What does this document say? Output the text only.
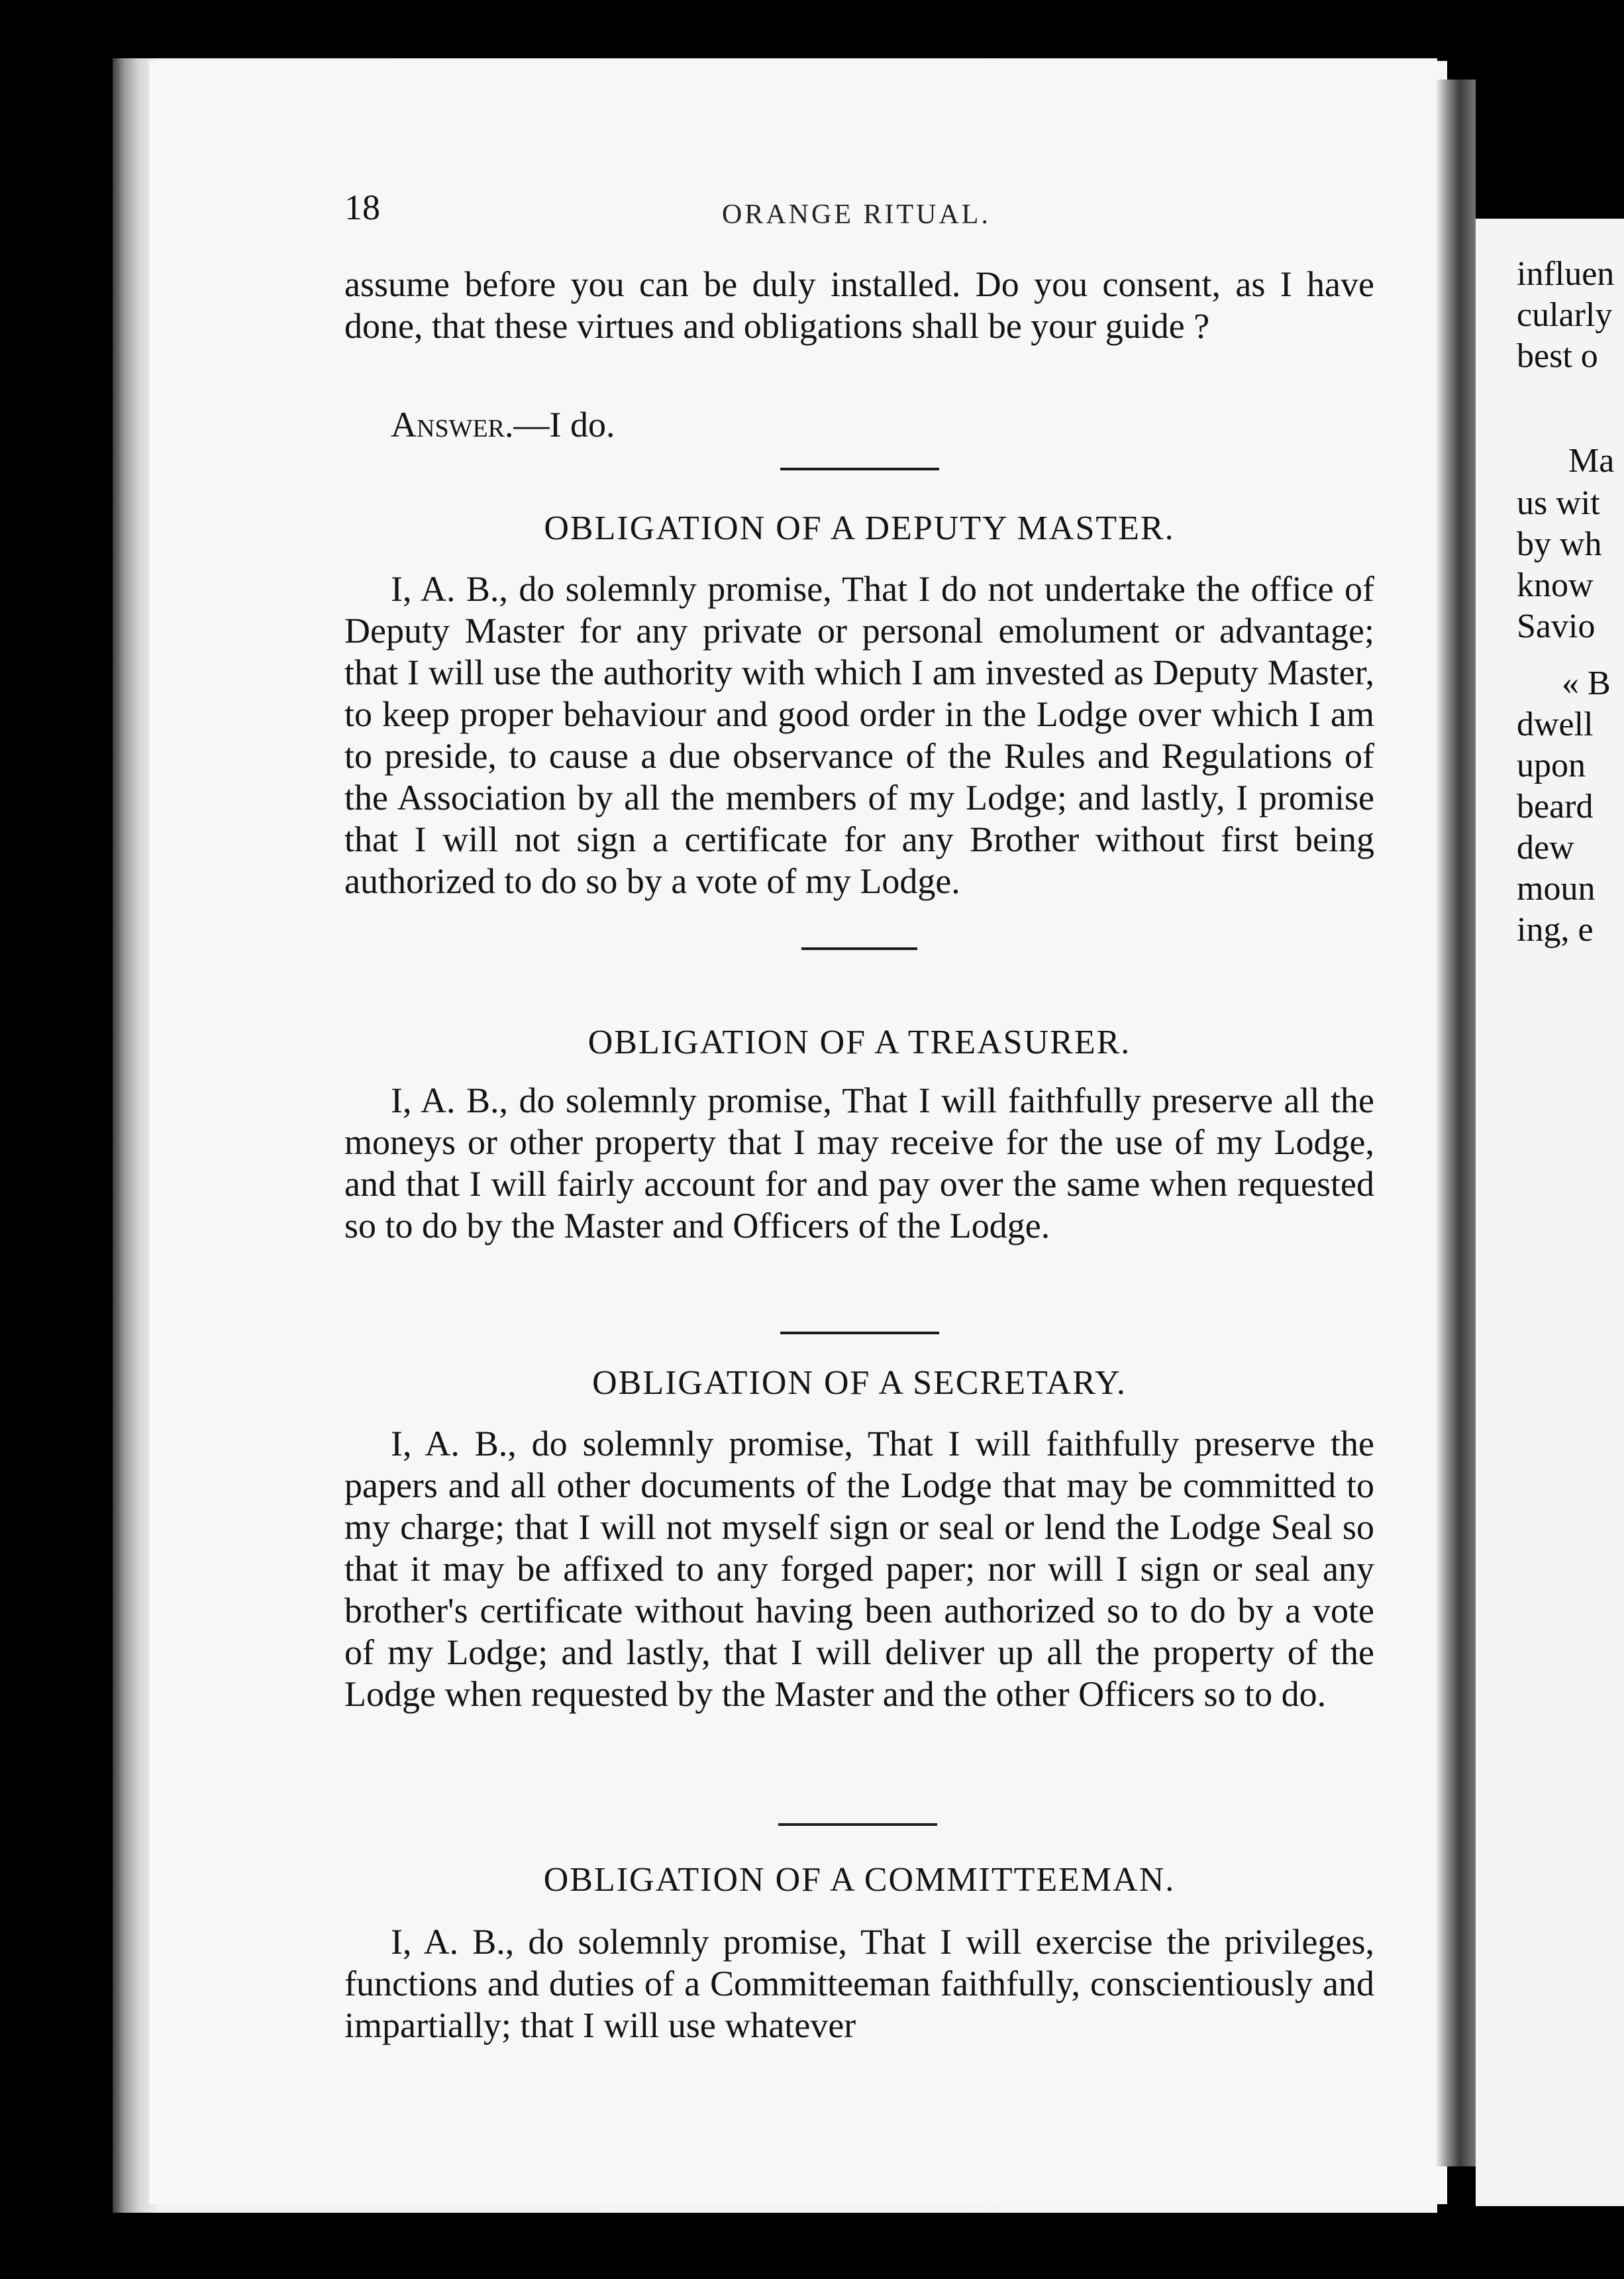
influen
cularly
best o
Ma
us wit
by wh
know
Savio
« B
dwell
upon
beard
dew
moun
ing, e
18	ORANGE RITUAL.

assume before you can be duly installed. Do you consent, as I have done, that these virtues and obligations shall be your guide ?

Answer.—I do.
OBLIGATION OF A DEPUTY MASTER.

I, A. B., do solemnly promise, That I do not undertake the office of Deputy Master for any private or personal emolument or advantage; that I will use the authority with which I am invested as Deputy Master, to keep proper behaviour and good order in the Lodge over which I am to preside, to cause a due observance of the Rules and Regulations of the Association by all the members of my Lodge; and lastly, I promise that I will not sign a certificate for any Brother without first being authorized to do so by a vote of my Lodge.

OBLIGATION OF A TREASURER.

I, A. B., do solemnly promise, That I will faithfully preserve all the moneys or other property that I may receive for the use of my Lodge, and that I will fairly account for and pay over the same when requested so to do by the Master and Officers of the Lodge.

OBLIGATION OF A SECRETARY.

I, A. B., do solemnly promise, That I will faithfully preserve the papers and all other documents of the Lodge that may be committed to my charge; that I will not myself sign or seal or lend the Lodge Seal so that it may be affixed to any forged paper; nor will I sign or seal any brother's certificate without having been authorized so to do by a vote of my Lodge; and lastly, that I will deliver up all the property of the Lodge when requested by the Master and the other Officers so to do.

OBLIGATION OF A COMMITTEEMAN.

I, A. B., do solemnly promise, That I will exercise the privileges, functions and duties of a Committeeman faithfully, conscientiously and impartially; that I will use whatever
